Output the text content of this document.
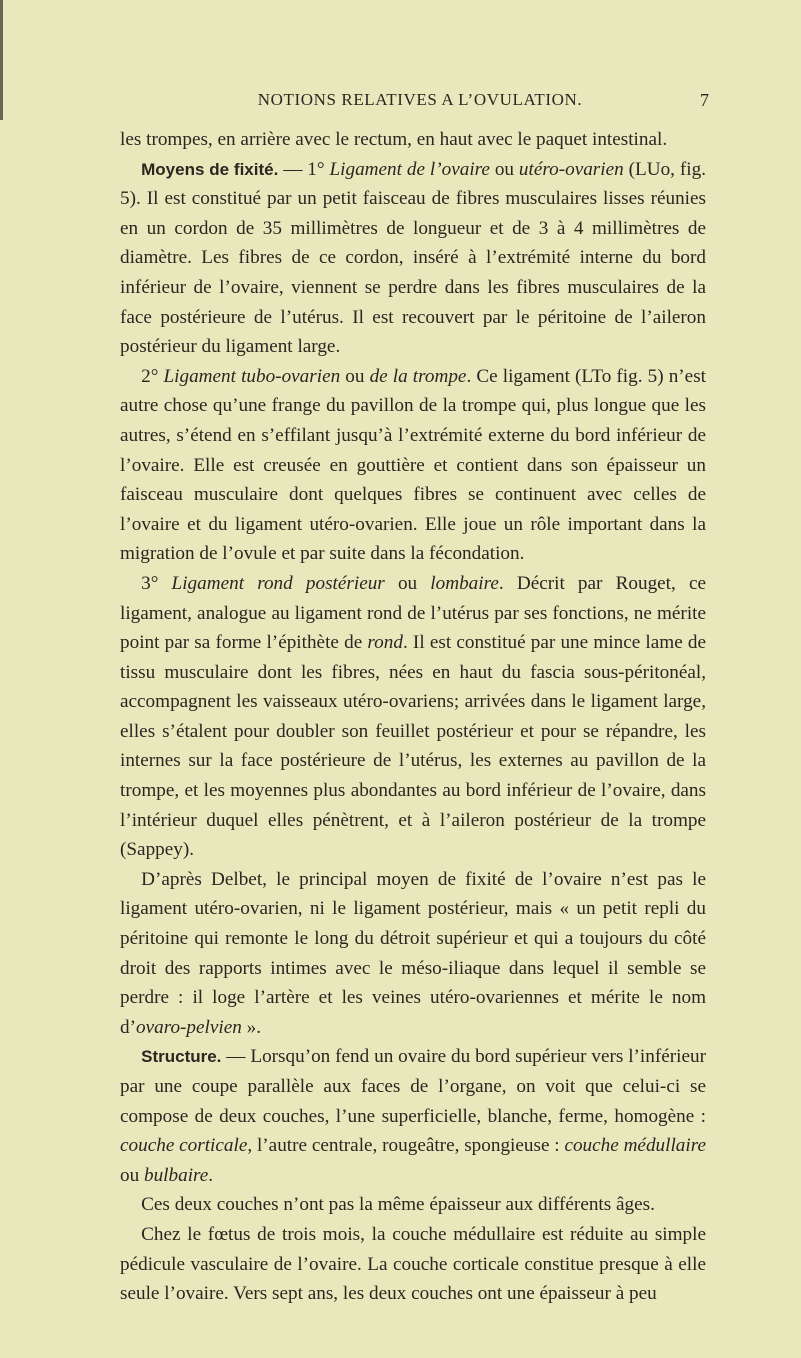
NOTIONS RELATIVES A L’OVULATION.	7

les trompes, en arrière avec le rectum, en haut avec le paquet intestinal.

Moyens de fixité. — 1° Ligament de l’ovaire ou utéro-ovarien (LUo, fig. 5). Il est constitué par un petit faisceau de fibres musculaires lisses réunies en un cordon de 35 millimètres de longueur et de 3 à 4 millimètres de diamètre. Les fibres de ce cordon, inséré à l’extrémité interne du bord inférieur de l’ovaire, viennent se perdre dans les fibres musculaires de la face postérieure de l’utérus. Il est recouvert par le péritoine de l’aileron postérieur du ligament large.

2° Ligament tubo-ovarien ou de la trompe. Ce ligament (LTo fig. 5) n’est autre chose qu’une frange du pavillon de la trompe qui, plus longue que les autres, s’étend en s’effilant jusqu’à l’extrémité externe du bord inférieur de l’ovaire. Elle est creusée en gouttière et contient dans son épaisseur un faisceau musculaire dont quelques fibres se continuent avec celles de l’ovaire et du ligament utéro-ovarien. Elle joue un rôle important dans la migration de l’ovule et par suite dans la fécondation.

3° Ligament rond postérieur ou lombaire. Décrit par Rouget, ce ligament, analogue au ligament rond de l’utérus par ses fonctions, ne mérite point par sa forme l’épithète de rond. Il est constitué par une mince lame de tissu musculaire dont les fibres, nées en haut du fascia sous-péritonéal, accompagnent les vaisseaux utéro-ovariens; arrivées dans le ligament large, elles s’étalent pour doubler son feuillet postérieur et pour se répandre, les internes sur la face postérieure de l’utérus, les externes au pavillon de la trompe, et les moyennes plus abondantes au bord inférieur de l’ovaire, dans l’intérieur duquel elles pénètrent, et à l’aileron postérieur de la trompe (Sappey).

D’après Delbet, le principal moyen de fixité de l’ovaire n’est pas le ligament utéro-ovarien, ni le ligament postérieur, mais « un petit repli du péritoine qui remonte le long du détroit supérieur et qui a toujours du côté droit des rapports intimes avec le méso-iliaque dans lequel il semble se perdre : il loge l’artère et les veines utéro-ovariennes et mérite le nom d’ovaro-pelvien ».

Structure. — Lorsqu’on fend un ovaire du bord supérieur vers l’inférieur par une coupe parallèle aux faces de l’organe, on voit que celui-ci se compose de deux couches, l’une superficielle, blanche, ferme, homogène : couche corticale, l’autre centrale, rougeâtre, spongieuse : couche médullaire ou bulbaire.

Ces deux couches n’ont pas la même épaisseur aux différents âges.

Chez le fœtus de trois mois, la couche médullaire est réduite au simple pédicule vasculaire de l’ovaire. La couche corticale constitue presque à elle seule l’ovaire. Vers sept ans, les deux couches ont une épaisseur à peu
